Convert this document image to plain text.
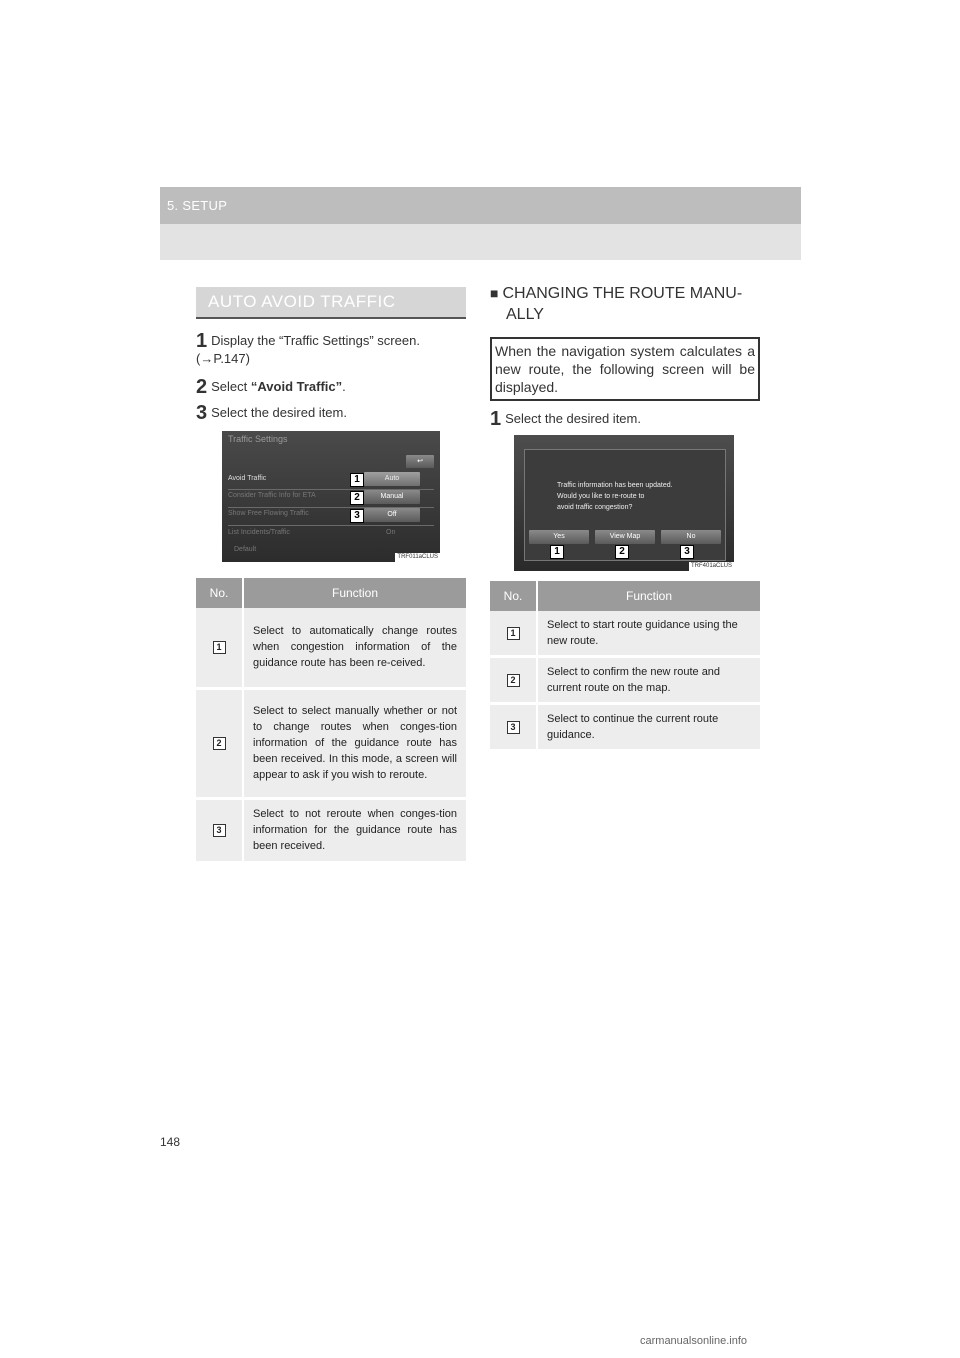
5. SETUP
AUTO AVOID TRAFFIC
1 Display the “Traffic Settings” screen. (→P.147)
2 Select “Avoid Traffic”.
3 Select the desired item.
Traffic Settings
↩
Avoid Traffic	Auto
1
Consider Traffic Info for ETA	Manual
2
Show Free Flowing Traffic	Off
3
List Incidents/Traffic	On
Default
TRF011aCLUS
No.	Function
1	Select to automatically change routes when congestion information of the guidance route has been re-ceived.
2	Select to select manually whether or not to change routes when conges-tion information of the guidance route has been received. In this mode, a screen will appear to ask if you wish to reroute.
3	Select to not reroute when conges-tion information for the guidance route has been received.
■ CHANGING THE ROUTE MANU-
ALLY
When the navigation system calculates a new route, the following screen will be displayed.
1 Select the desired item.
Traffic information has been updated.
Would you like to re-route to
avoid traffic congestion?
Yes	View Map	No
1	2	3
TRF401aCLUS
No.	Function
1	Select to start route guidance using the new route.
2	Select to confirm the new route and current route on the map.
3	Select to continue the current route guidance.
148
carmanualsonline.info
